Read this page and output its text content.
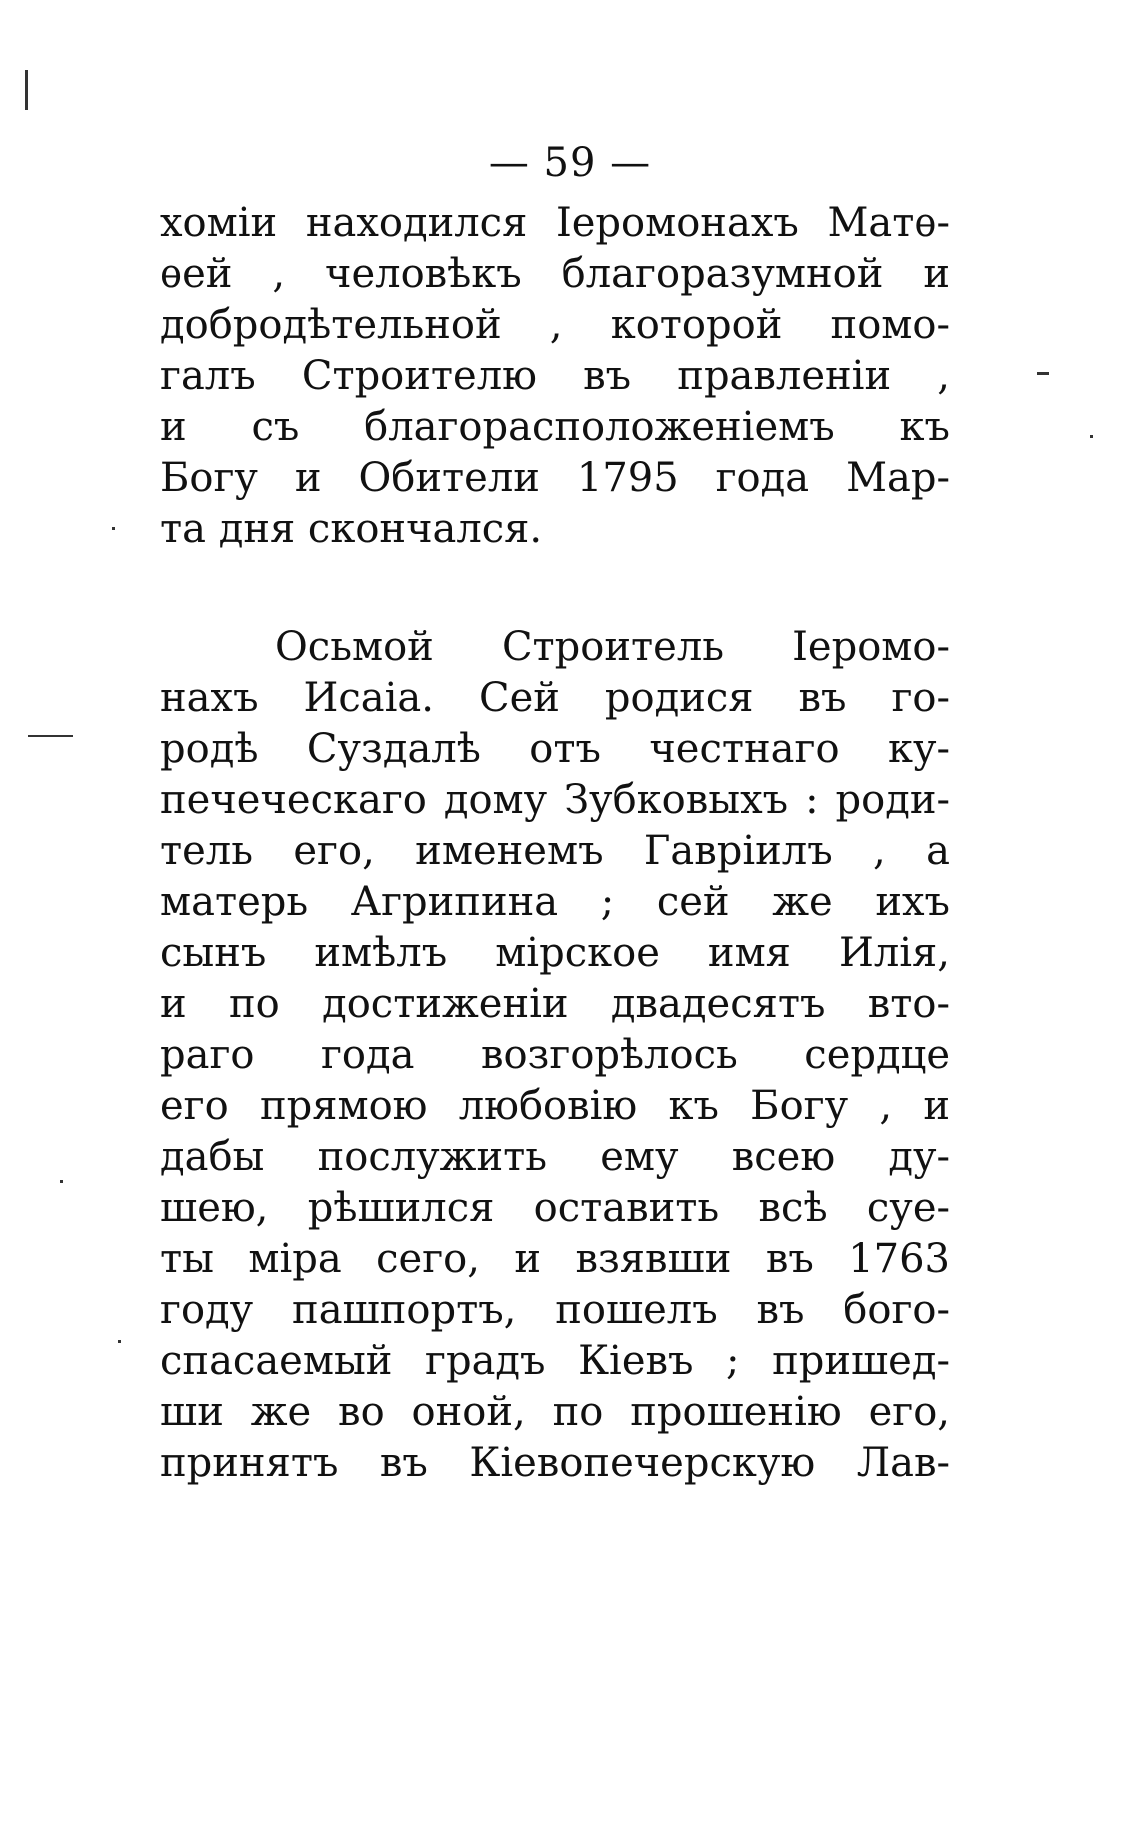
— 59 —
хоміи находился Іеромонахъ Матѳ-
ѳей , человѣкъ благоразумной и
добродѣтельной , которой помо-
галъ Строителю въ правленіи ,
и съ благорасположеніемъ къ
Богу и Обители 1795 года Мар-
та дня скончался.
Осьмой Строитель Іеромо-
нахъ Исаіа. Сей родися въ го-
родѣ Суздалѣ отъ честнаго ку-
печеческаго дому Зубковыхъ : роди-
тель его, именемъ Гавріилъ , а
матерь Агрипина ; сей же ихъ
сынъ имѣлъ мірское имя Илія,
и по достиженіи двадесятъ вто-
раго года возгорѣлось сердце
его прямою любовію къ Богу , и
дабы послужить ему всею ду-
шею, рѣшился оставить всѣ суе-
ты міра сего, и взявши въ 1763
году пашпортъ, пошелъ въ бого-
спасаемый градъ Кіевъ ; пришед-
ши же во оной, по прошенію его,
принятъ въ Кіевопечерскую Лав-
